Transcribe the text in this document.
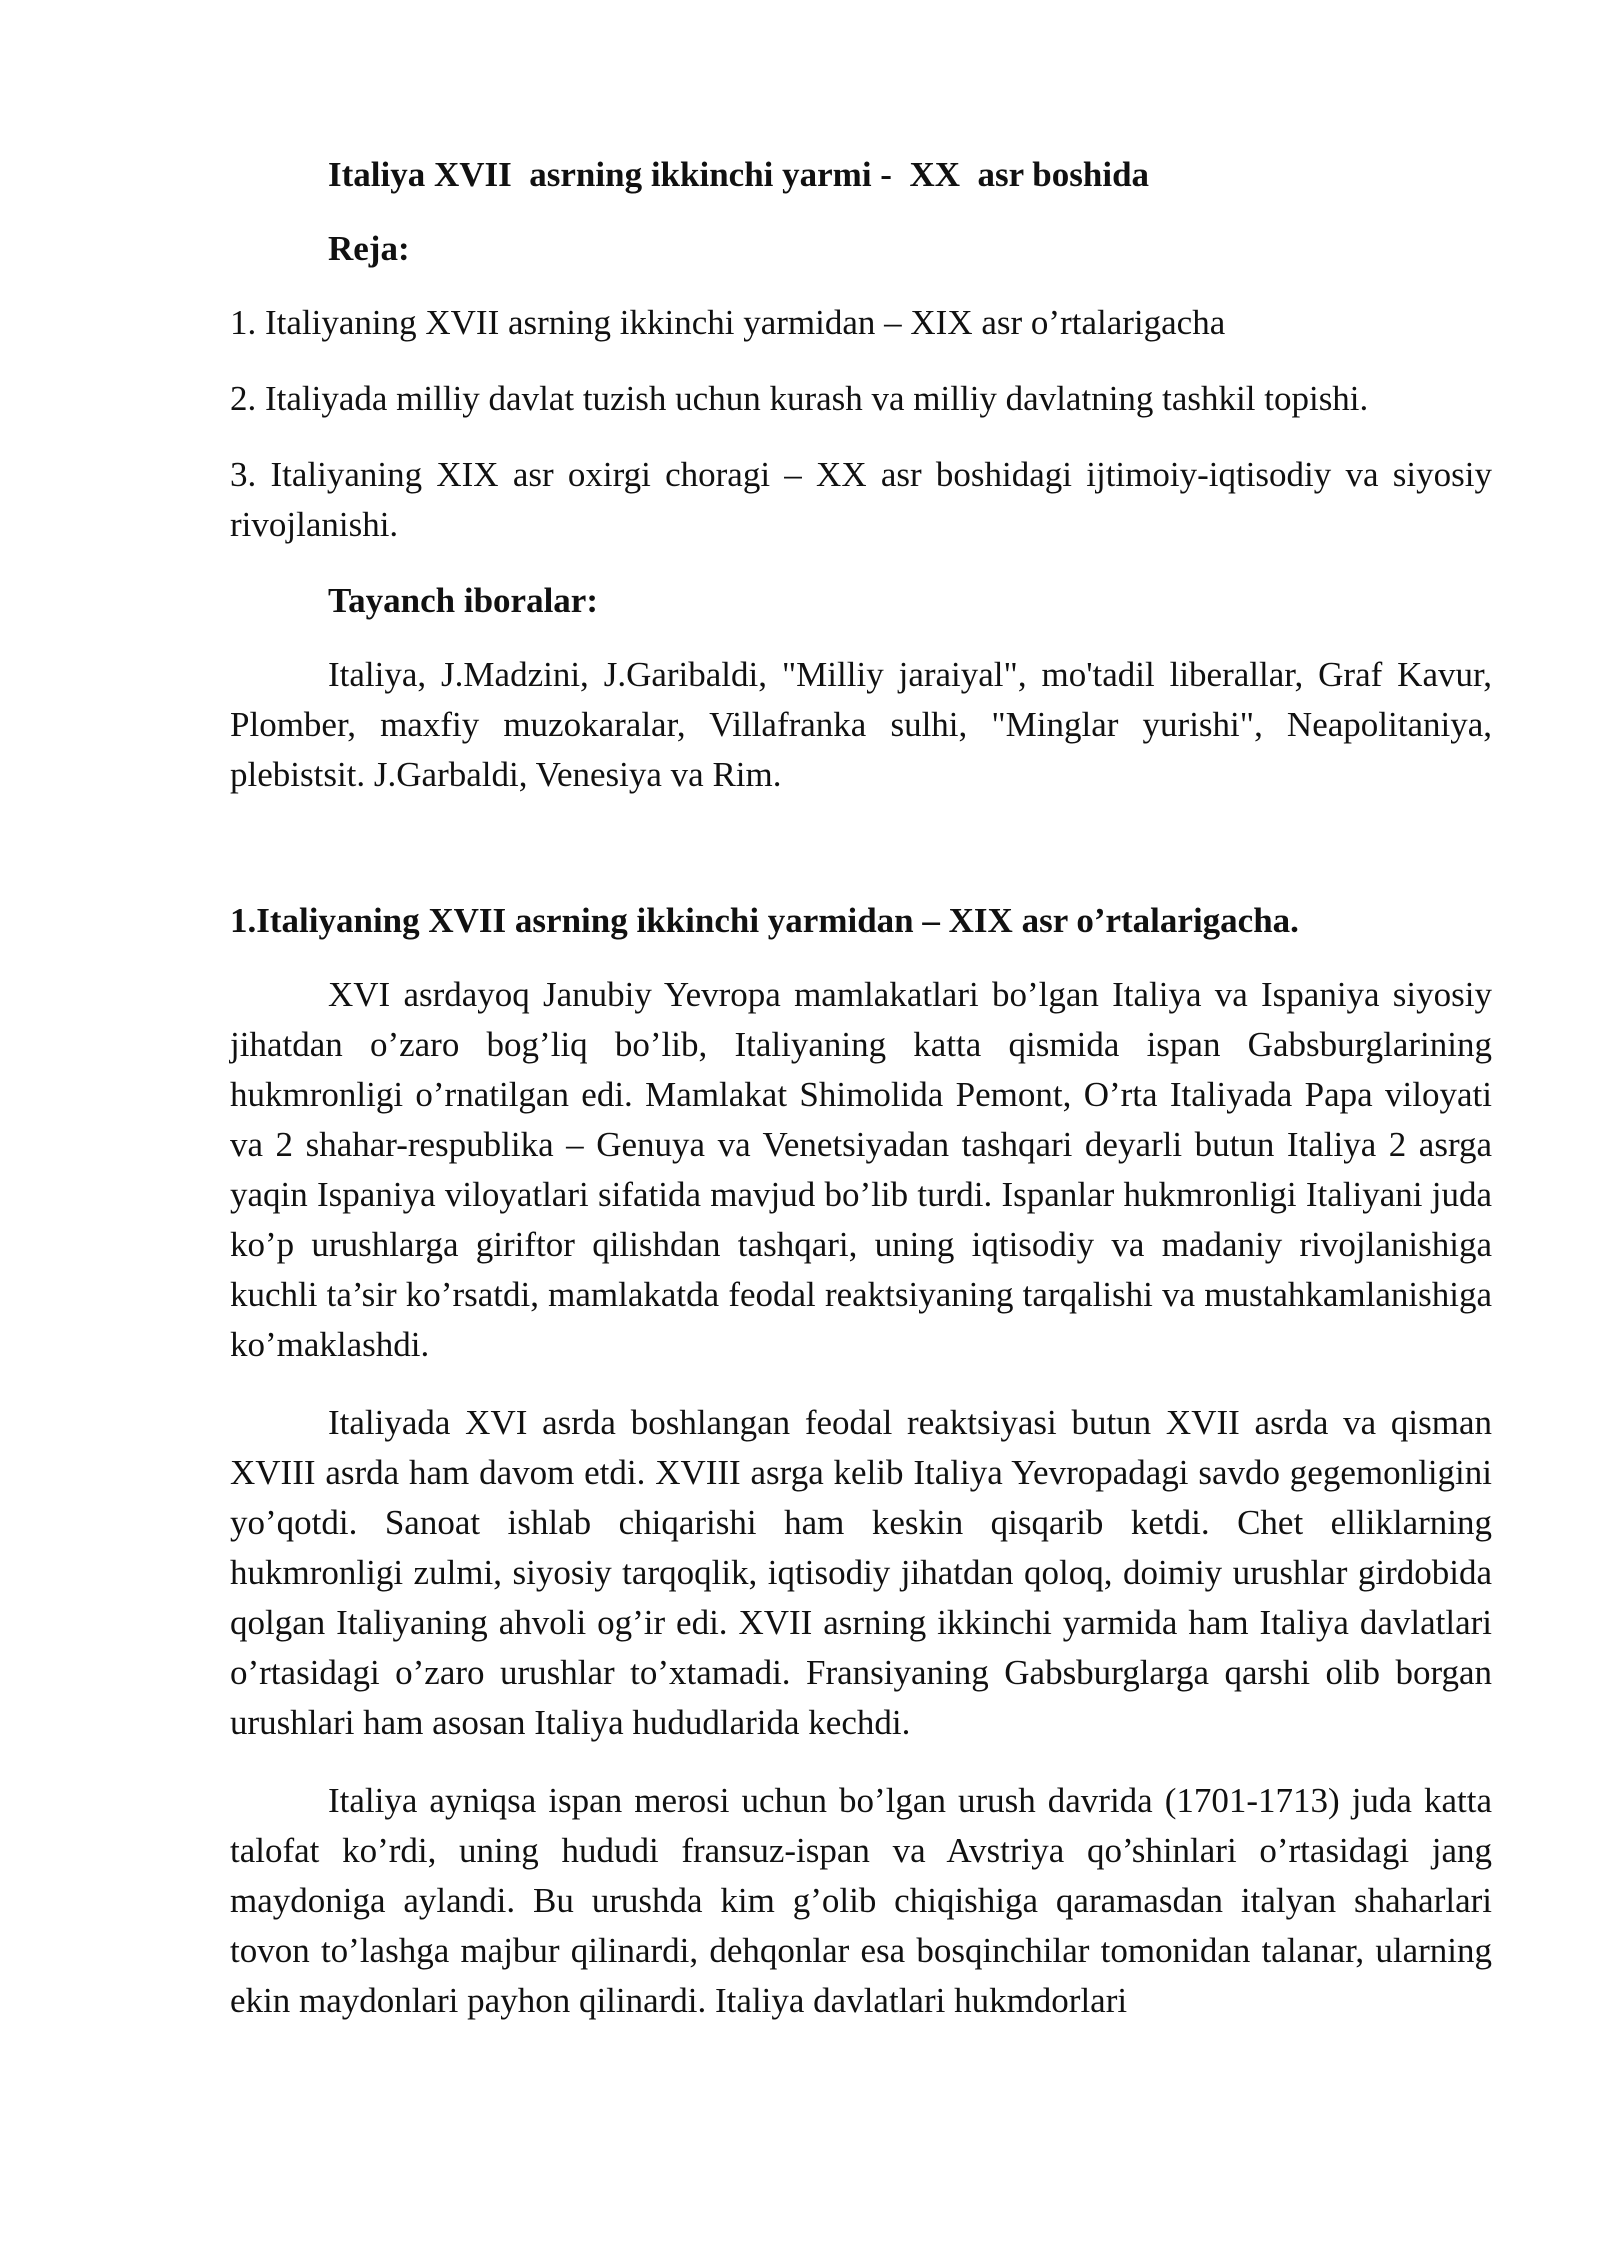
Italiya XVII  asrning ikkinchi yarmi -  XX  asr boshida
Reja:
1. Italiyaning XVII asrning ikkinchi yarmidan – XIX asr o’rtalarigacha
2. Italiyada milliy davlat tuzish uchun kurash va milliy davlatning tashkil topishi.
3. Italiyaning XIX asr oxirgi choragi – XX asr boshidagi ijtimoiy-iqtisodiy va siyosiy rivojlanishi.
Tayanch iboralar:
Italiya, J.Madzini, J.Garibaldi, "Milliy jaraiyal", mo'tadil liberallar, Graf Kavur, Plomber, maxfiy muzokaralar, Villafranka sulhi, "Minglar yurishi", Neapolitaniya, plebistsit. J.Garbaldi, Venesiya va Rim.
1.Italiyaning XVII asrning ikkinchi yarmidan – XIX asr o’rtalarigacha.
XVI asrdayoq Janubiy Yevropa mamlakatlari bo’lgan Italiya va Ispaniya siyosiy jihatdan o’zaro bog’liq bo’lib, Italiyaning katta qismida ispan Gabsburglarining hukmronligi o’rnatilgan edi. Mamlakat Shimolida Pemont, O’rta Italiyada Papa viloyati va 2 shahar-respublika – Genuya va Venetsiyadan tashqari deyarli butun Italiya 2 asrga yaqin Ispaniya viloyatlari sifatida mavjud bo’lib turdi. Ispanlar hukmronligi Italiyani juda ko’p urushlarga giriftor qilishdan tashqari, uning iqtisodiy va madaniy rivojlanishiga kuchli ta’sir ko’rsatdi, mamlakatda feodal reaktsiyaning tarqalishi va mustahkamlanishiga ko’maklashdi.
Italiyada XVI asrda boshlangan feodal reaktsiyasi butun XVII asrda va qisman XVIII asrda ham davom etdi. XVIII asrga kelib Italiya Yevropadagi savdo gegemonligini yo’qotdi. Sanoat ishlab chiqarishi ham keskin qisqarib ketdi. Chet elliklarning hukmronligi zulmi, siyosiy tarqoqlik, iqtisodiy jihatdan qoloq, doimiy urushlar girdobida qolgan Italiyaning ahvoli og’ir edi. XVII asrning ikkinchi yarmida ham Italiya davlatlari o’rtasidagi o’zaro urushlar to’xtamadi. Fransiyaning Gabsburglarga qarshi olib borgan urushlari ham asosan Italiya hududlarida kechdi.
Italiya ayniqsa ispan merosi uchun bo’lgan urush davrida (1701-1713) juda katta talofat ko’rdi, uning hududi fransuz-ispan va Avstriya qo’shinlari o’rtasidagi jang maydoniga aylandi. Bu urushda kim g’olib chiqishiga qaramasdan italyan shaharlari tovon to’lashga majbur qilinardi, dehqonlar esa bosqinchilar tomonidan talanar, ularning ekin maydonlari payhon qilinardi. Italiya davlatlari hukmdorlari
